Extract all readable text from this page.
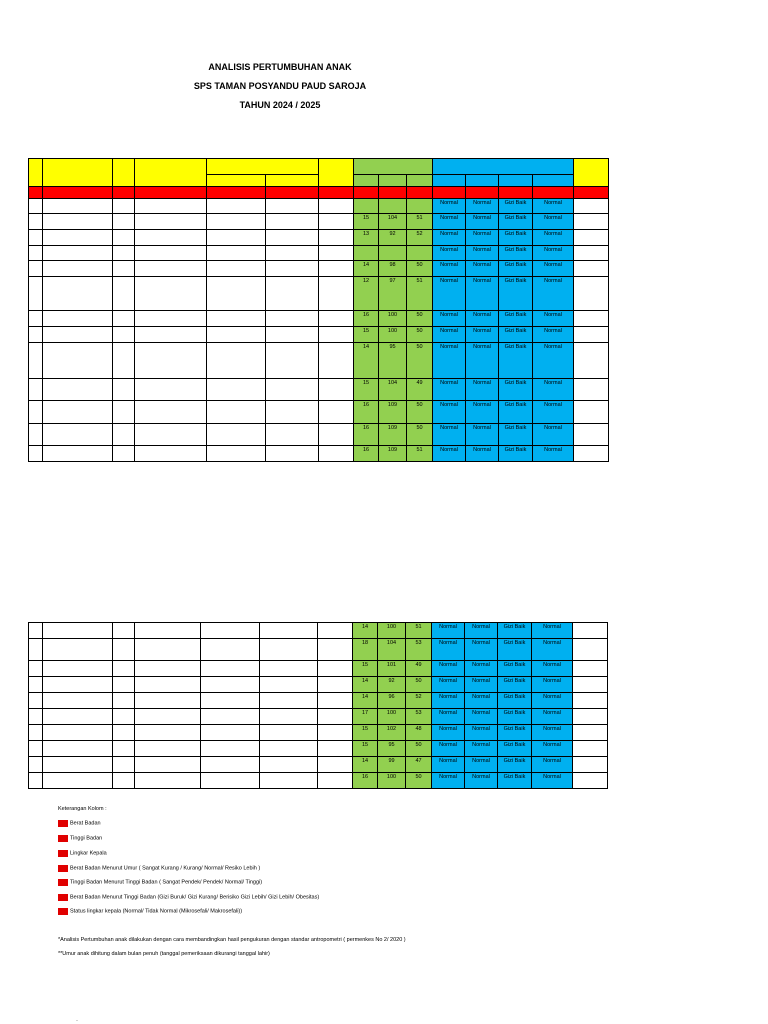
ANALISIS PERTUMBUHAN ANAK
SPS TAMAN POSYANDU PAUD SAROJA
TAHUN 2024 / 2025

										Normal	Normal	Gizi Baik	Normal	
							15	104	51	Normal	Normal	Gizi Baik	Normal	
							13	92	52	Normal	Normal	Gizi Baik	Normal	
										Normal	Normal	Gizi Baik	Normal	
							14	98	50	Normal	Normal	Gizi Baik	Normal	
							12	97	51	Normal	Normal	Gizi Baik	Normal	
							16	100	50	Normal	Normal	Gizi Baik	Normal	
							15	100	50	Normal	Normal	Gizi Baik	Normal	
							14	95	50	Normal	Normal	Gizi Baik	Normal	
							15	104	49	Normal	Normal	Gizi Baik	Normal	
							16	109	50	Normal	Normal	Gizi Baik	Normal	
							16	109	50	Normal	Normal	Gizi Baik	Normal	
							16	109	51	Normal	Normal	Gizi Baik	Normal	
							14	100	51	Normal	Normal	Gizi Baik	Normal	
							18	104	53	Normal	Normal	Gizi Baik	Normal	
							15	101	49	Normal	Normal	Gizi Baik	Normal	
							14	92	50	Normal	Normal	Gizi Baik	Normal	
							14	96	52	Normal	Normal	Gizi Baik	Normal	
							17	100	53	Normal	Normal	Gizi Baik	Normal	
							15	102	48	Normal	Normal	Gizi Baik	Normal	
							15	95	50	Normal	Normal	Gizi Baik	Normal	
							14	99	47	Normal	Normal	Gizi Baik	Normal	
							16	100	50	Normal	Normal	Gizi Baik	Normal	
Keterangan Kolom :
Berat Badan
Tinggi Badan
Lingkar Kepala
Berat Badan Menurut Umur ( Sangat Kurang / Kurang/ Normal/ Resiko Lebih )
Tinggi Badan Menurut Tinggi Badan ( Sangat Pendek/ Pendek/ Normal/ Tinggi)
Berat Badan Menurut Tinggi Badan (Gizi Buruk/ Gizi Kurang/ Berisiko Gizi Lebih/ Gizi Lebih/ Obesitas)
Status lingkar kepala (Normal/ Tidak Normal (Mikrosefali/ Makrosefali))
*Analisis Pertumbuhan anak dilakukan dengan cara membandingkan hasil pengukuran dengan standar antropometri ( permenkes No 2/ 2020 )
**Umur anak dihitung dalam bulan penuh (tanggal pemeriksaan dikurangi tanggal lahir)
·
